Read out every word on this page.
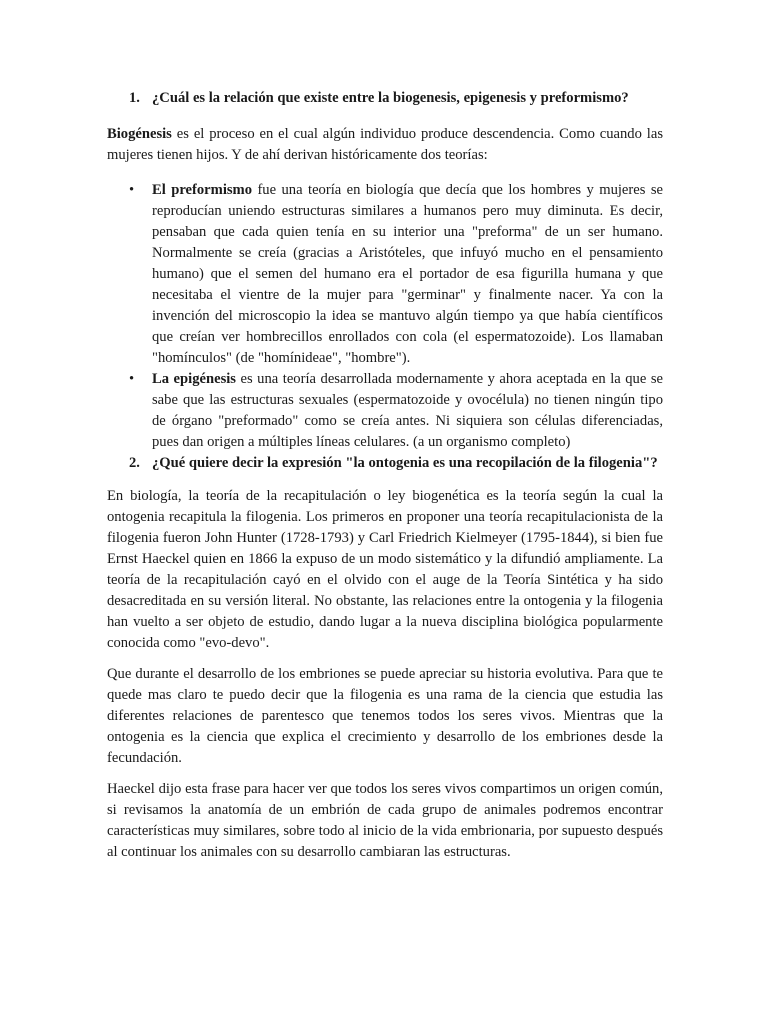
1. ¿Cuál es la relación que existe entre la biogenesis, epigenesis y preformismo?

Biogénesis es el proceso en el cual algún individuo produce descendencia. Como cuando las mujeres tienen hijos. Y de ahí derivan históricamente dos teorías:

•	El preformismo fue una teoría en biología que decía que los hombres y mujeres se reproducían uniendo estructuras similares a humanos pero muy diminuta. Es decir, pensaban que cada quien tenía en su interior una "preforma" de un ser humano. Normalmente se creía (gracias a Aristóteles, que infuyó mucho en el pensamiento humano) que el semen del humano era el portador de esa figurilla humana y que necesitaba el vientre de la mujer para "germinar" y finalmente nacer. Ya con la invención del microscopio la idea se mantuvo algún tiempo ya que había científicos que creían ver hombrecillos enrollados con cola (el espermatozoide). Los llamaban "homínculos" (de "homínideae", "hombre").
•	La epigénesis es una teoría desarrollada modernamente y ahora aceptada en la que se sabe que las estructuras sexuales (espermatozoide y ovocélula) no tienen ningún tipo de órgano "preformado" como se creía antes. Ni siquiera son células diferenciadas, pues dan origen a múltiples líneas celulares. (a un organismo completo)
2. ¿Qué quiere decir la expresión "la ontogenia es una recopilación de la filogenia"?

En biología, la teoría de la recapitulación o ley biogenética es la teoría según la cual la ontogenia recapitula la filogenia. Los primeros en proponer una teoría recapitulacionista de la filogenia fueron John Hunter (1728-1793) y Carl Friedrich Kielmeyer (1795-1844), si bien fue Ernst Haeckel quien en 1866 la expuso de un modo sistemático y la difundió ampliamente. La teoría de la recapitulación cayó en el olvido con el auge de la Teoría Sintética y ha sido desacreditada en su versión literal. No obstante, las relaciones entre la ontogenia y la filogenia han vuelto a ser objeto de estudio, dando lugar a la nueva disciplina biológica popularmente conocida como "evo-devo".

Que durante el desarrollo de los embriones se puede apreciar su historia evolutiva. Para que te quede mas claro te puedo decir que la filogenia es una rama de la ciencia que estudia las diferentes relaciones de parentesco que tenemos todos los seres vivos. Mientras que la ontogenia es la ciencia que explica el crecimiento y desarrollo de los embriones desde la fecundación.

Haeckel dijo esta frase para hacer ver que todos los seres vivos compartimos un origen común, si revisamos la anatomía de un embrión de cada grupo de animales podremos encontrar características muy similares, sobre todo al inicio de la vida embrionaria, por supuesto después al continuar los animales con su desarrollo cambiaran las estructuras.
